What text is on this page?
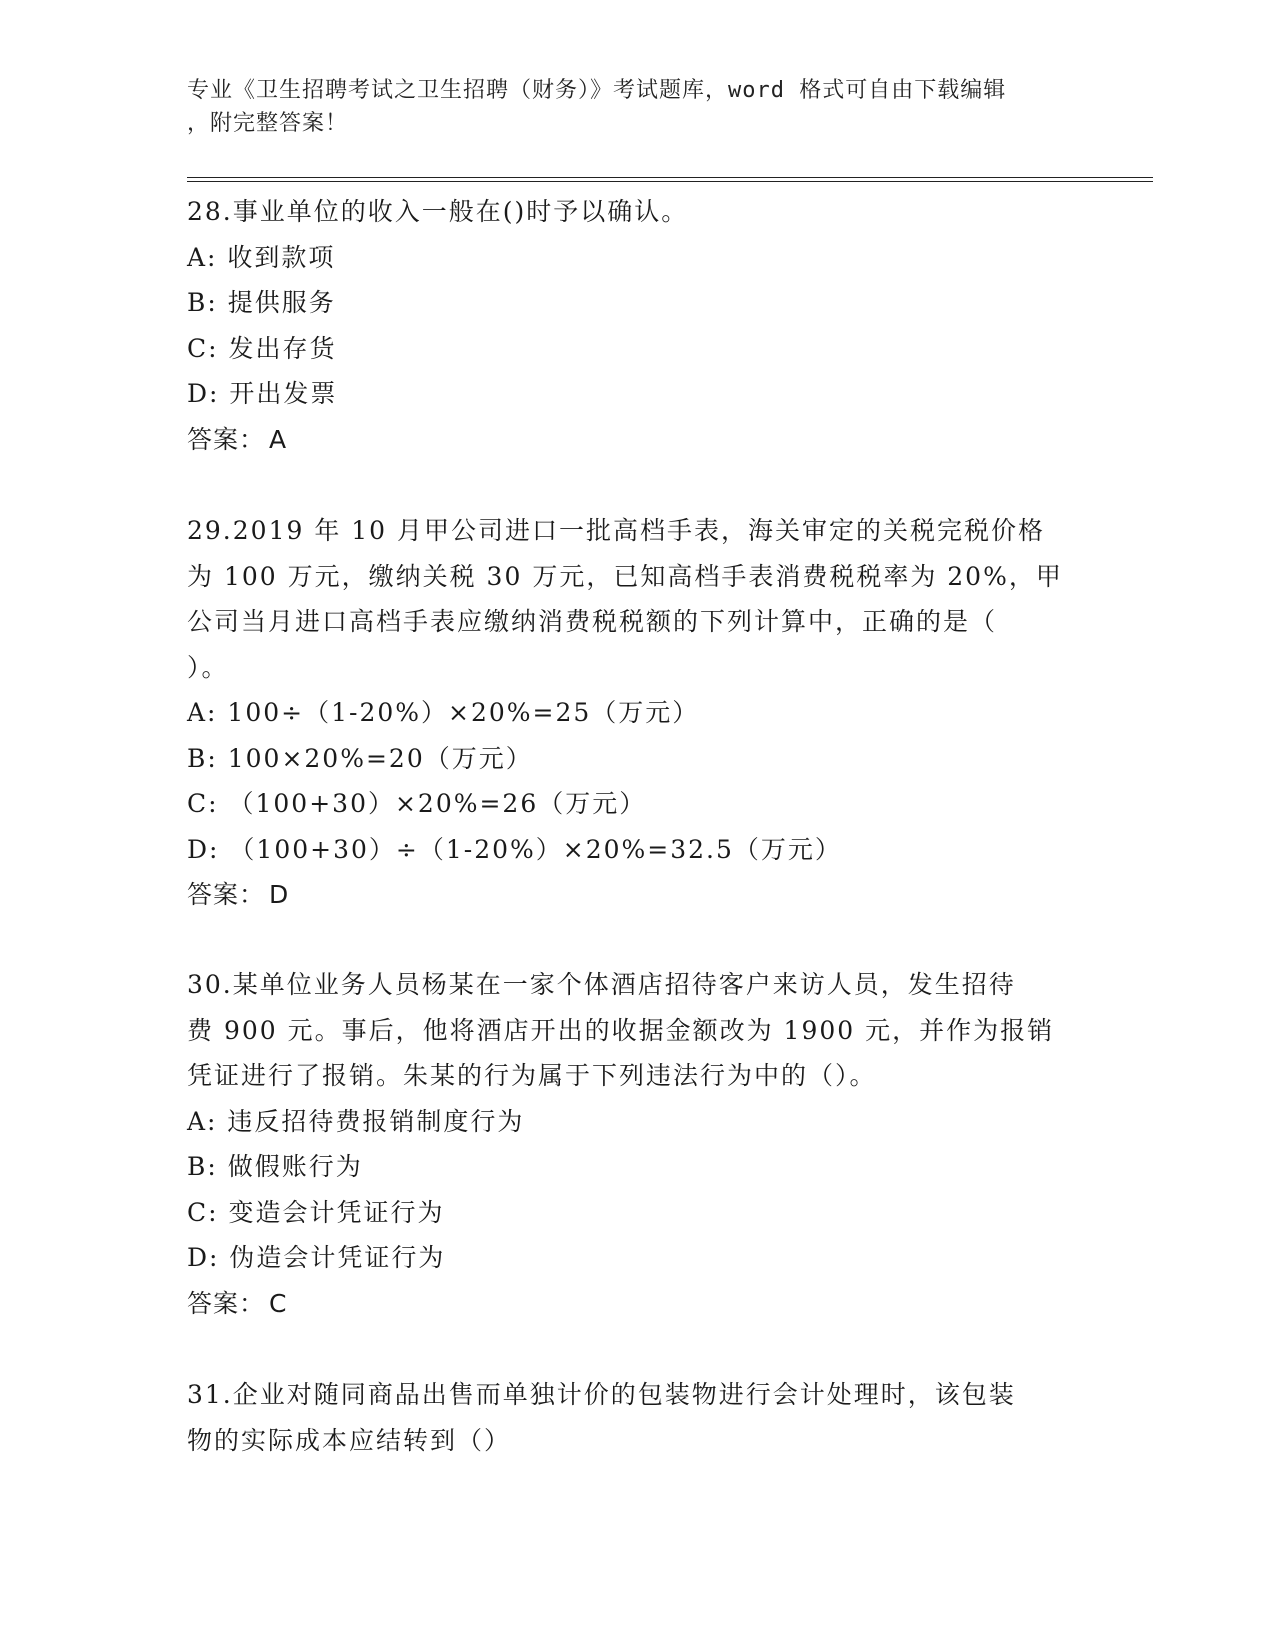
专业《卫生招聘考试之卫生招聘（财务）》考试题库，word 格式可自由下载编辑
，附完整答案！
28.事业单位的收入一般在()时予以确认。
A: 收到款项
B: 提供服务
C: 发出存货
D: 开出发票
答案： A
29.2019 年 10 月甲公司进口一批高档手表，海关审定的关税完税价格
为 100 万元，缴纳关税 30 万元，已知高档手表消费税税率为 20%，甲
公司当月进口高档手表应缴纳消费税税额的下列计算中，正确的是（
）。
A: 100÷（1-20%）×20%=25（万元）
B: 100×20%=20（万元）
C: （100+30）×20%=26（万元）
D: （100+30）÷（1-20%）×20%=32.5（万元）
答案： D
30.某单位业务人员杨某在一家个体酒店招待客户来访人员，发生招待
费 900 元。事后，他将酒店开出的收据金额改为 1900 元，并作为报销
凭证进行了报销。朱某的行为属于下列违法行为中的（）。
A: 违反招待费报销制度行为
B: 做假账行为
C: 变造会计凭证行为
D: 伪造会计凭证行为
答案： C
31.企业对随同商品出售而单独计价的包装物进行会计处理时，该包装
物的实际成本应结转到（）
